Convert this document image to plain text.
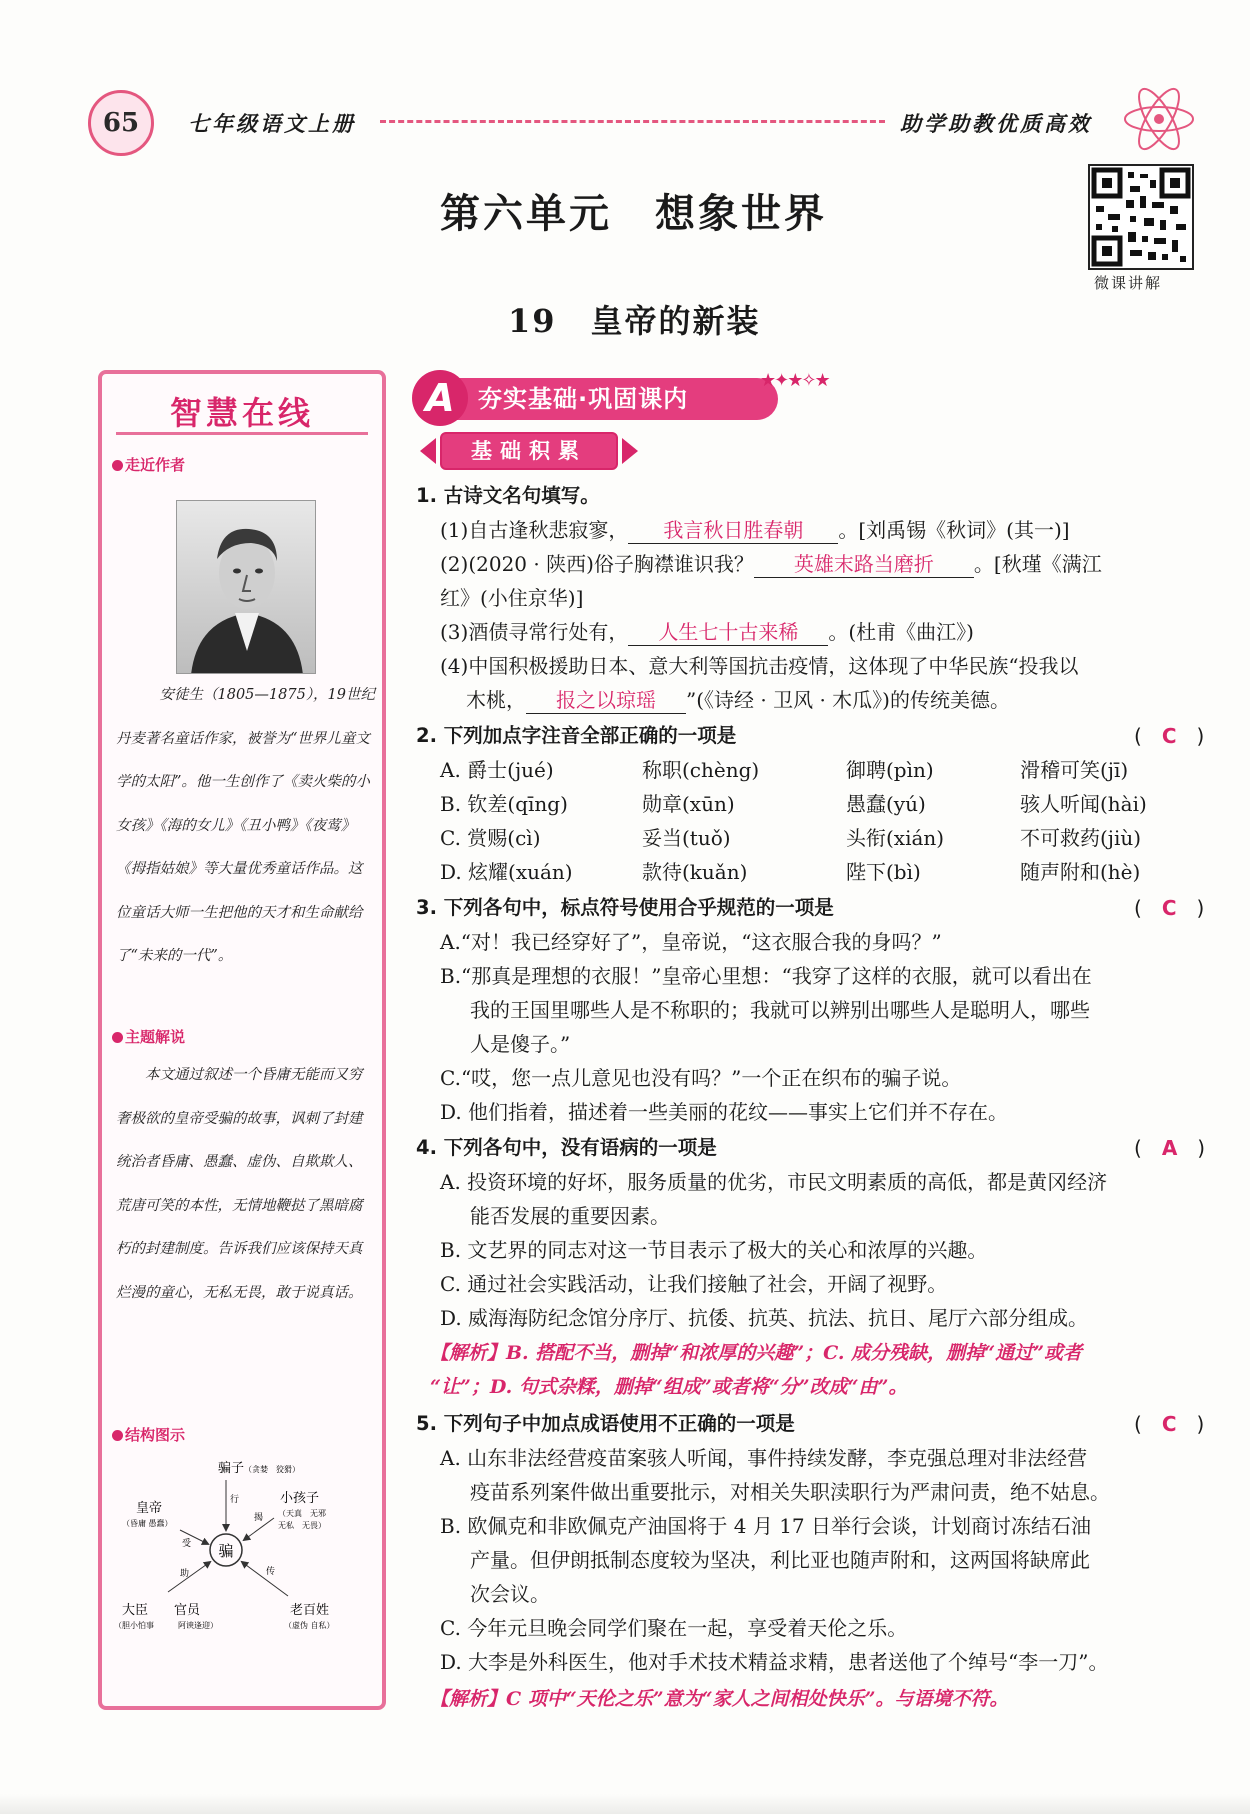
65	七年级语文上册	助学助教优质高效
第六单元　想象世界
微课讲解
19　皇帝的新装
智慧在线
走近作者
安徒生（1805—1875），19世纪丹麦著名童话作家，被誉为“世界儿童文学的太阳”。他一生创作了《卖火柴的小女孩》《海的女儿》《丑小鸭》《夜莺》《拇指姑娘》等大量优秀童话作品。这位童话大师一生把他的天才和生命献给了“未来的一代”。
主题解说
本文通过叙述一个昏庸无能而又穷奢极欲的皇帝受骗的故事，讽刺了封建统治者昏庸、愚蠢、虚伪、自欺欺人、荒唐可笑的本性，无情地鞭挞了黑暗腐朽的封建制度。告诉我们应该保持天真烂漫的童心，无私无畏，敢于说真话。
结构图示
骗
骗子 （贪婪　狡猾）
行
皇帝
（昏庸 愚蠢）
受
小孩子
（天真　无邪
无私　无畏）
揭
大臣 官员
（胆小怕事	阿谀逢迎）
助
老百姓
（虚伪 自私）
传
夯实基础·巩固课内
A	★✦★✧★
基础积累
1. 古诗文名句填写。
(1)自古逢秋悲寂寥， 我言秋日胜春朝 。[刘禹锡《秋词》(其一)]
(2)(2020 · 陕西)俗子胸襟谁识我？ 英雄末路当磨折 。[秋瑾《满江
红》(小住京华)]
(3)酒债寻常行处有， 人生七十古来稀 。(杜甫《曲江》)
(4)中国积极援助日本、意大利等国抗击疫情，这体现了中华民族“投我以
木桃， 报之以琼瑶 ”(《诗经 · 卫风 · 木瓜》)的传统美德。
2. 下列加点字注音全部正确的一项是	(　C　)
A. 爵士(jué)	称职(chèng)	御聘(pìn)	滑稽可笑(jī)
B. 钦差(qīng)	勋章(xūn)	愚蠢(yú)	骇人听闻(hài)
C. 赏赐(cì)	妥当(tuǒ)	头衔(xián)	不可救药(jiù)
D. 炫耀(xuán)	款待(kuǎn)	陛下(bì)	随声附和(hè)
3. 下列各句中，标点符号使用合乎规范的一项是	(　C　)
A.“对！我已经穿好了”，皇帝说，“这衣服合我的身吗？”
B.“那真是理想的衣服！”皇帝心里想：“我穿了这样的衣服，就可以看出在
我的王国里哪些人是不称职的；我就可以辨别出哪些人是聪明人，哪些
人是傻子。”
C.“哎，您一点儿意见也没有吗？”一个正在织布的骗子说。
D. 他们指着，描述着一些美丽的花纹——事实上它们并不存在。
4. 下列各句中，没有语病的一项是	(　A　)
A. 投资环境的好坏，服务质量的优劣，市民文明素质的高低，都是黄冈经济
能否发展的重要因素。
B. 文艺界的同志对这一节目表示了极大的关心和浓厚的兴趣。
C. 通过社会实践活动，让我们接触了社会，开阔了视野。
D. 威海海防纪念馆分序厅、抗倭、抗英、抗法、抗日、尾厅六部分组成。
【解析】B. 搭配不当，删掉“和浓厚的兴趣”；C. 成分残缺，删掉“通过”或者
“让”；D. 句式杂糅，删掉“组成”或者将“分”改成“由”。
5. 下列句子中加点成语使用不正确的一项是	(　C　)
A. 山东非法经营疫苗案骇人听闻，事件持续发酵，李克强总理对非法经营
疫苗系列案件做出重要批示，对相关失职渎职行为严肃问责，绝不姑息。
B. 欧佩克和非欧佩克产油国将于 4 月 17 日举行会谈，计划商讨冻结石油
产量。但伊朗抵制态度较为坚决，利比亚也随声附和，这两国将缺席此
次会议。
C. 今年元旦晚会同学们聚在一起，享受着天伦之乐。
D. 大李是外科医生，他对手术技术精益求精，患者送他了个绰号“李一刀”。
【解析】C 项中“天伦之乐”意为“家人之间相处快乐”。与语境不符。
